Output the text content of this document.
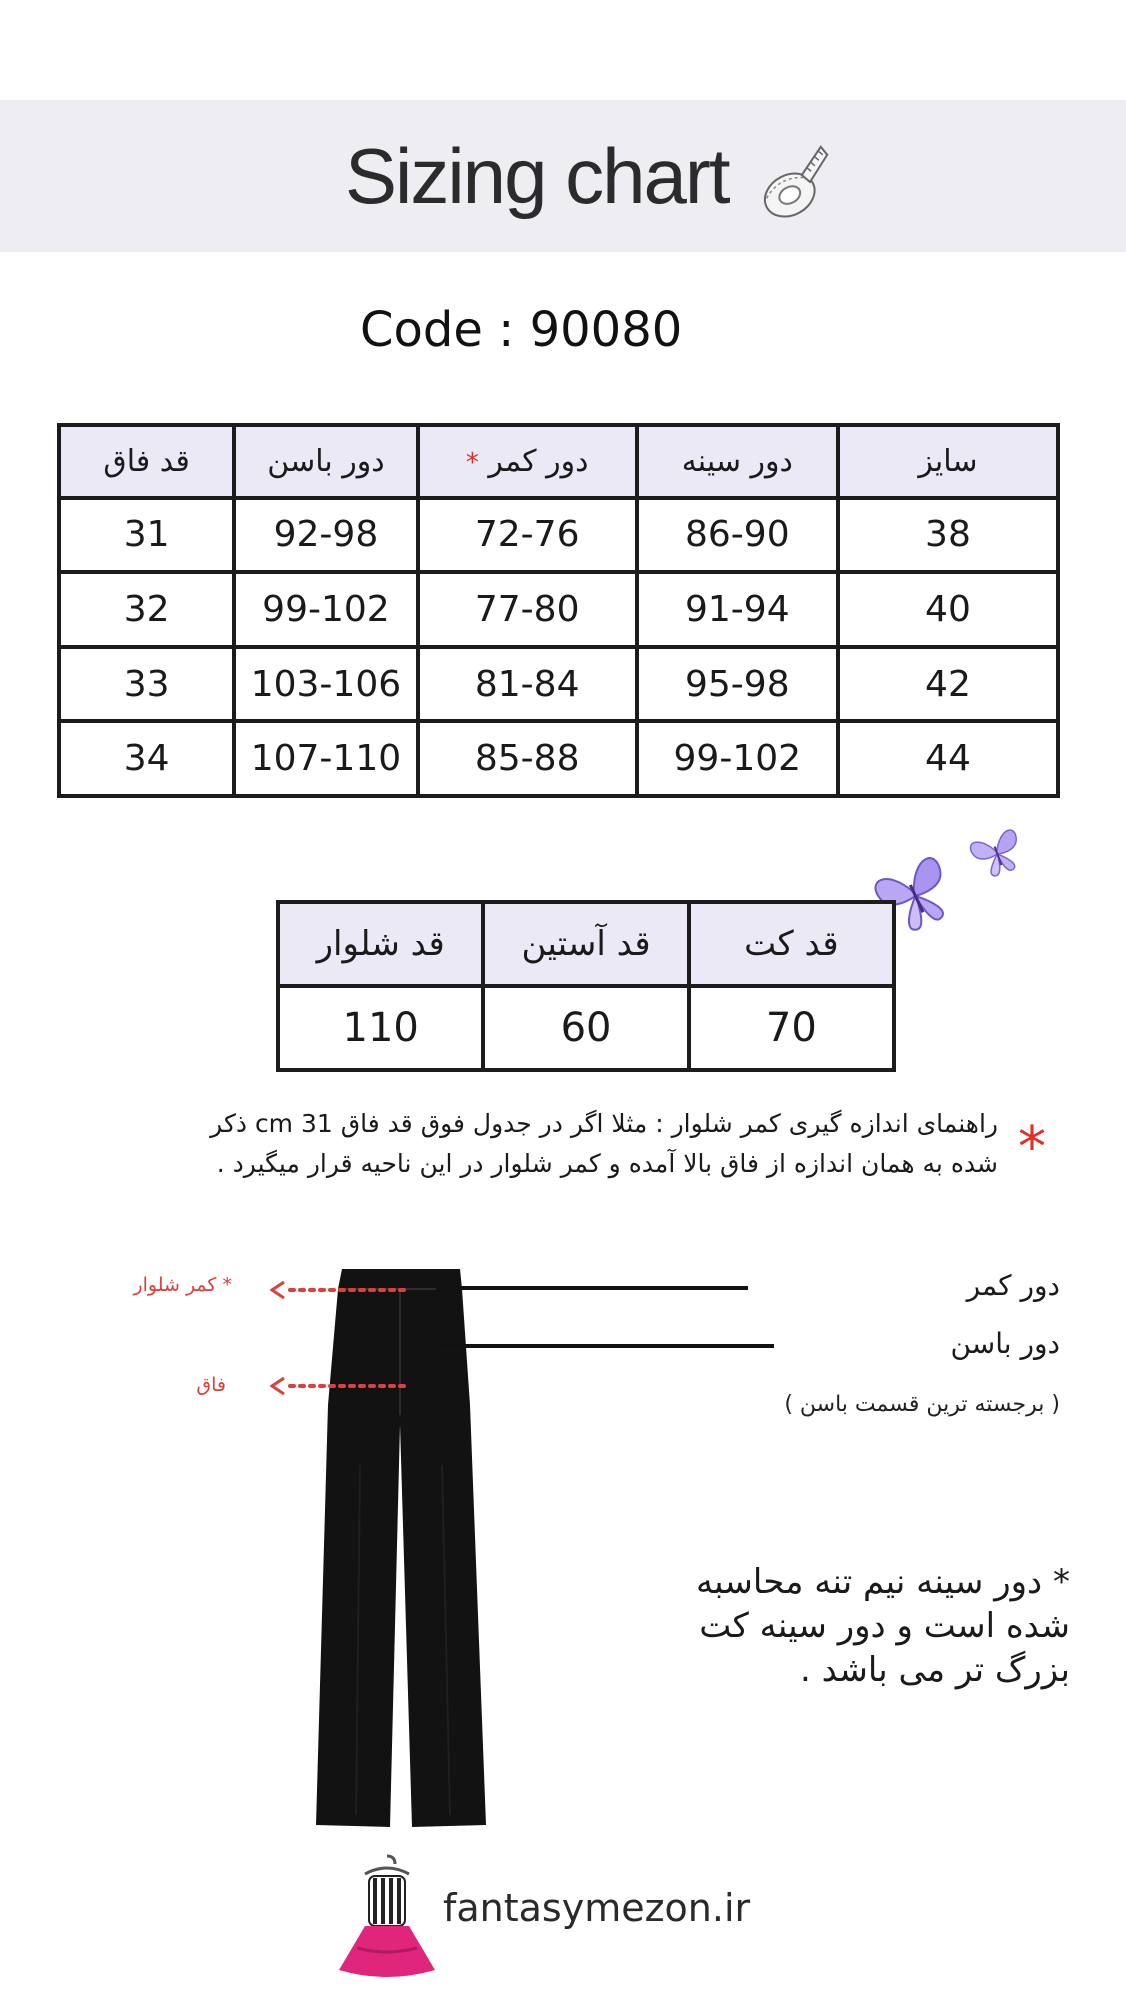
Sizing chart
Code : 90080
قد فاق	دور باسن	* دور کمر	دور سینه	سایز
31	92-98	72-76	86-90	38
32	99-102	77-80	91-94	40
33	103-106	81-84	95-98	42
34	107-110	85-88	99-102	44
قد شلوار	قد آستین	قد کت
110	60	70
*
راهنمای اندازه گیری کمر شلوار : مثلا اگر در جدول فوق قد فاق 31 cm ذکر
شده به همان اندازه از فاق بالا آمده و کمر شلوار در این ناحیه قرار میگیرد .
* کمر شلوار
فاق
دور کمر
دور باسن
( برجسته ترین قسمت باسن )
* دور سینه نیم تنه محاسبه
شده است و دور سینه کت
بزرگ تر می باشد .
fantasymezon.ir
